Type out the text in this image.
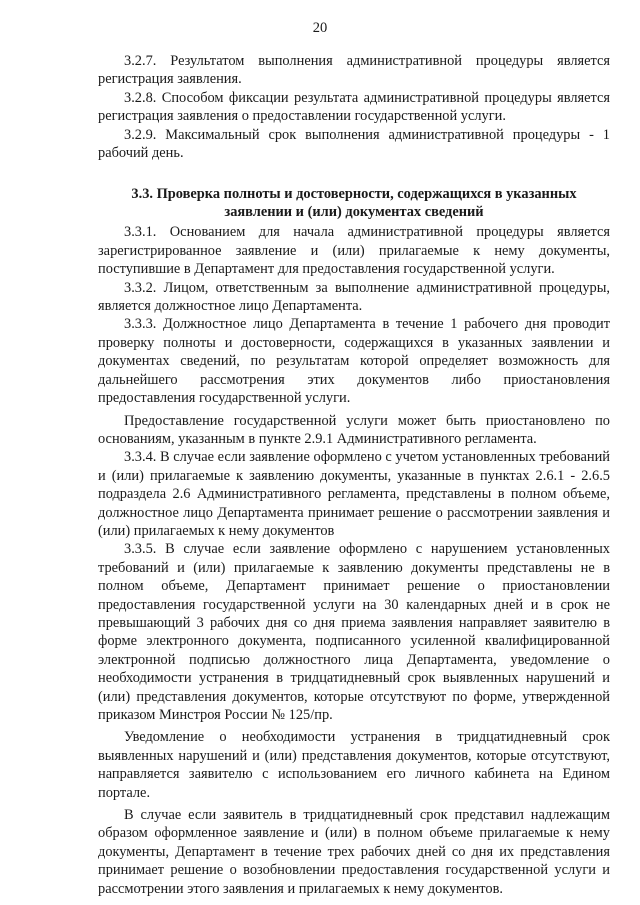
20

3.2.7. Результатом выполнения административной процедуры является регистрация заявления.

3.2.8. Способом фиксации результата административной процедуры является регистрация заявления о предоставлении государственной услуги.

3.2.9. Максимальный срок выполнения административной процедуры - 1 рабочий день.

3.3. Проверка полноты и достоверности, содержащихся в указанных
заявлении и (или) документах сведений

3.3.1. Основанием для начала административной процедуры является зарегистрированное заявление и (или) прилагаемые к нему документы, поступившие в Департамент для предоставления государственной услуги.

3.3.2. Лицом, ответственным за выполнение административной процедуры, является должностное лицо Департамента.

3.3.3. Должностное лицо Департамента в течение 1 рабочего дня проводит проверку полноты и достоверности, содержащихся в указанных заявлении и документах сведений, по результатам которой определяет возможность для дальнейшего рассмотрения этих документов либо приостановления предоставления государственной услуги.

Предоставление государственной услуги может быть приостановлено по основаниям, указанным в пункте 2.9.1 Административного регламента.

3.3.4. В случае если заявление оформлено с учетом установленных требований и (или) прилагаемые к заявлению документы, указанные в пунктах 2.6.1 - 2.6.5 подраздела 2.6 Административного регламента, представлены в полном объеме, должностное лицо Департамента принимает решение о рассмотрении заявления и (или) прилагаемых к нему документов

3.3.5. В случае если заявление оформлено с нарушением установленных требований и (или) прилагаемые к заявлению документы представлены не в полном объеме, Департамент принимает решение о приостановлении предоставления государственной услуги на 30 календарных дней и в срок не превышающий 3 рабочих дня со дня приема заявления направляет заявителю в форме электронного документа, подписанного усиленной квалифицированной электронной подписью должностного лица Департамента, уведомление о необходимости устранения в тридцатидневный срок выявленных нарушений и (или) представления документов, которые отсутствуют по форме, утвержденной приказом Минстроя России № 125/пр.

Уведомление о необходимости устранения в тридцатидневный срок выявленных нарушений и (или) представления документов, которые отсутствуют, направляется заявителю с использованием его личного кабинета на Едином портале.

В случае если заявитель в тридцатидневный срок представил надлежащим образом оформленное заявление и (или) в полном объеме прилагаемые к нему документы, Департамент в течение трех рабочих дней со дня их представления принимает решение о возобновлении предоставления государственной услуги и рассмотрении этого заявления и прилагаемых к нему документов.
